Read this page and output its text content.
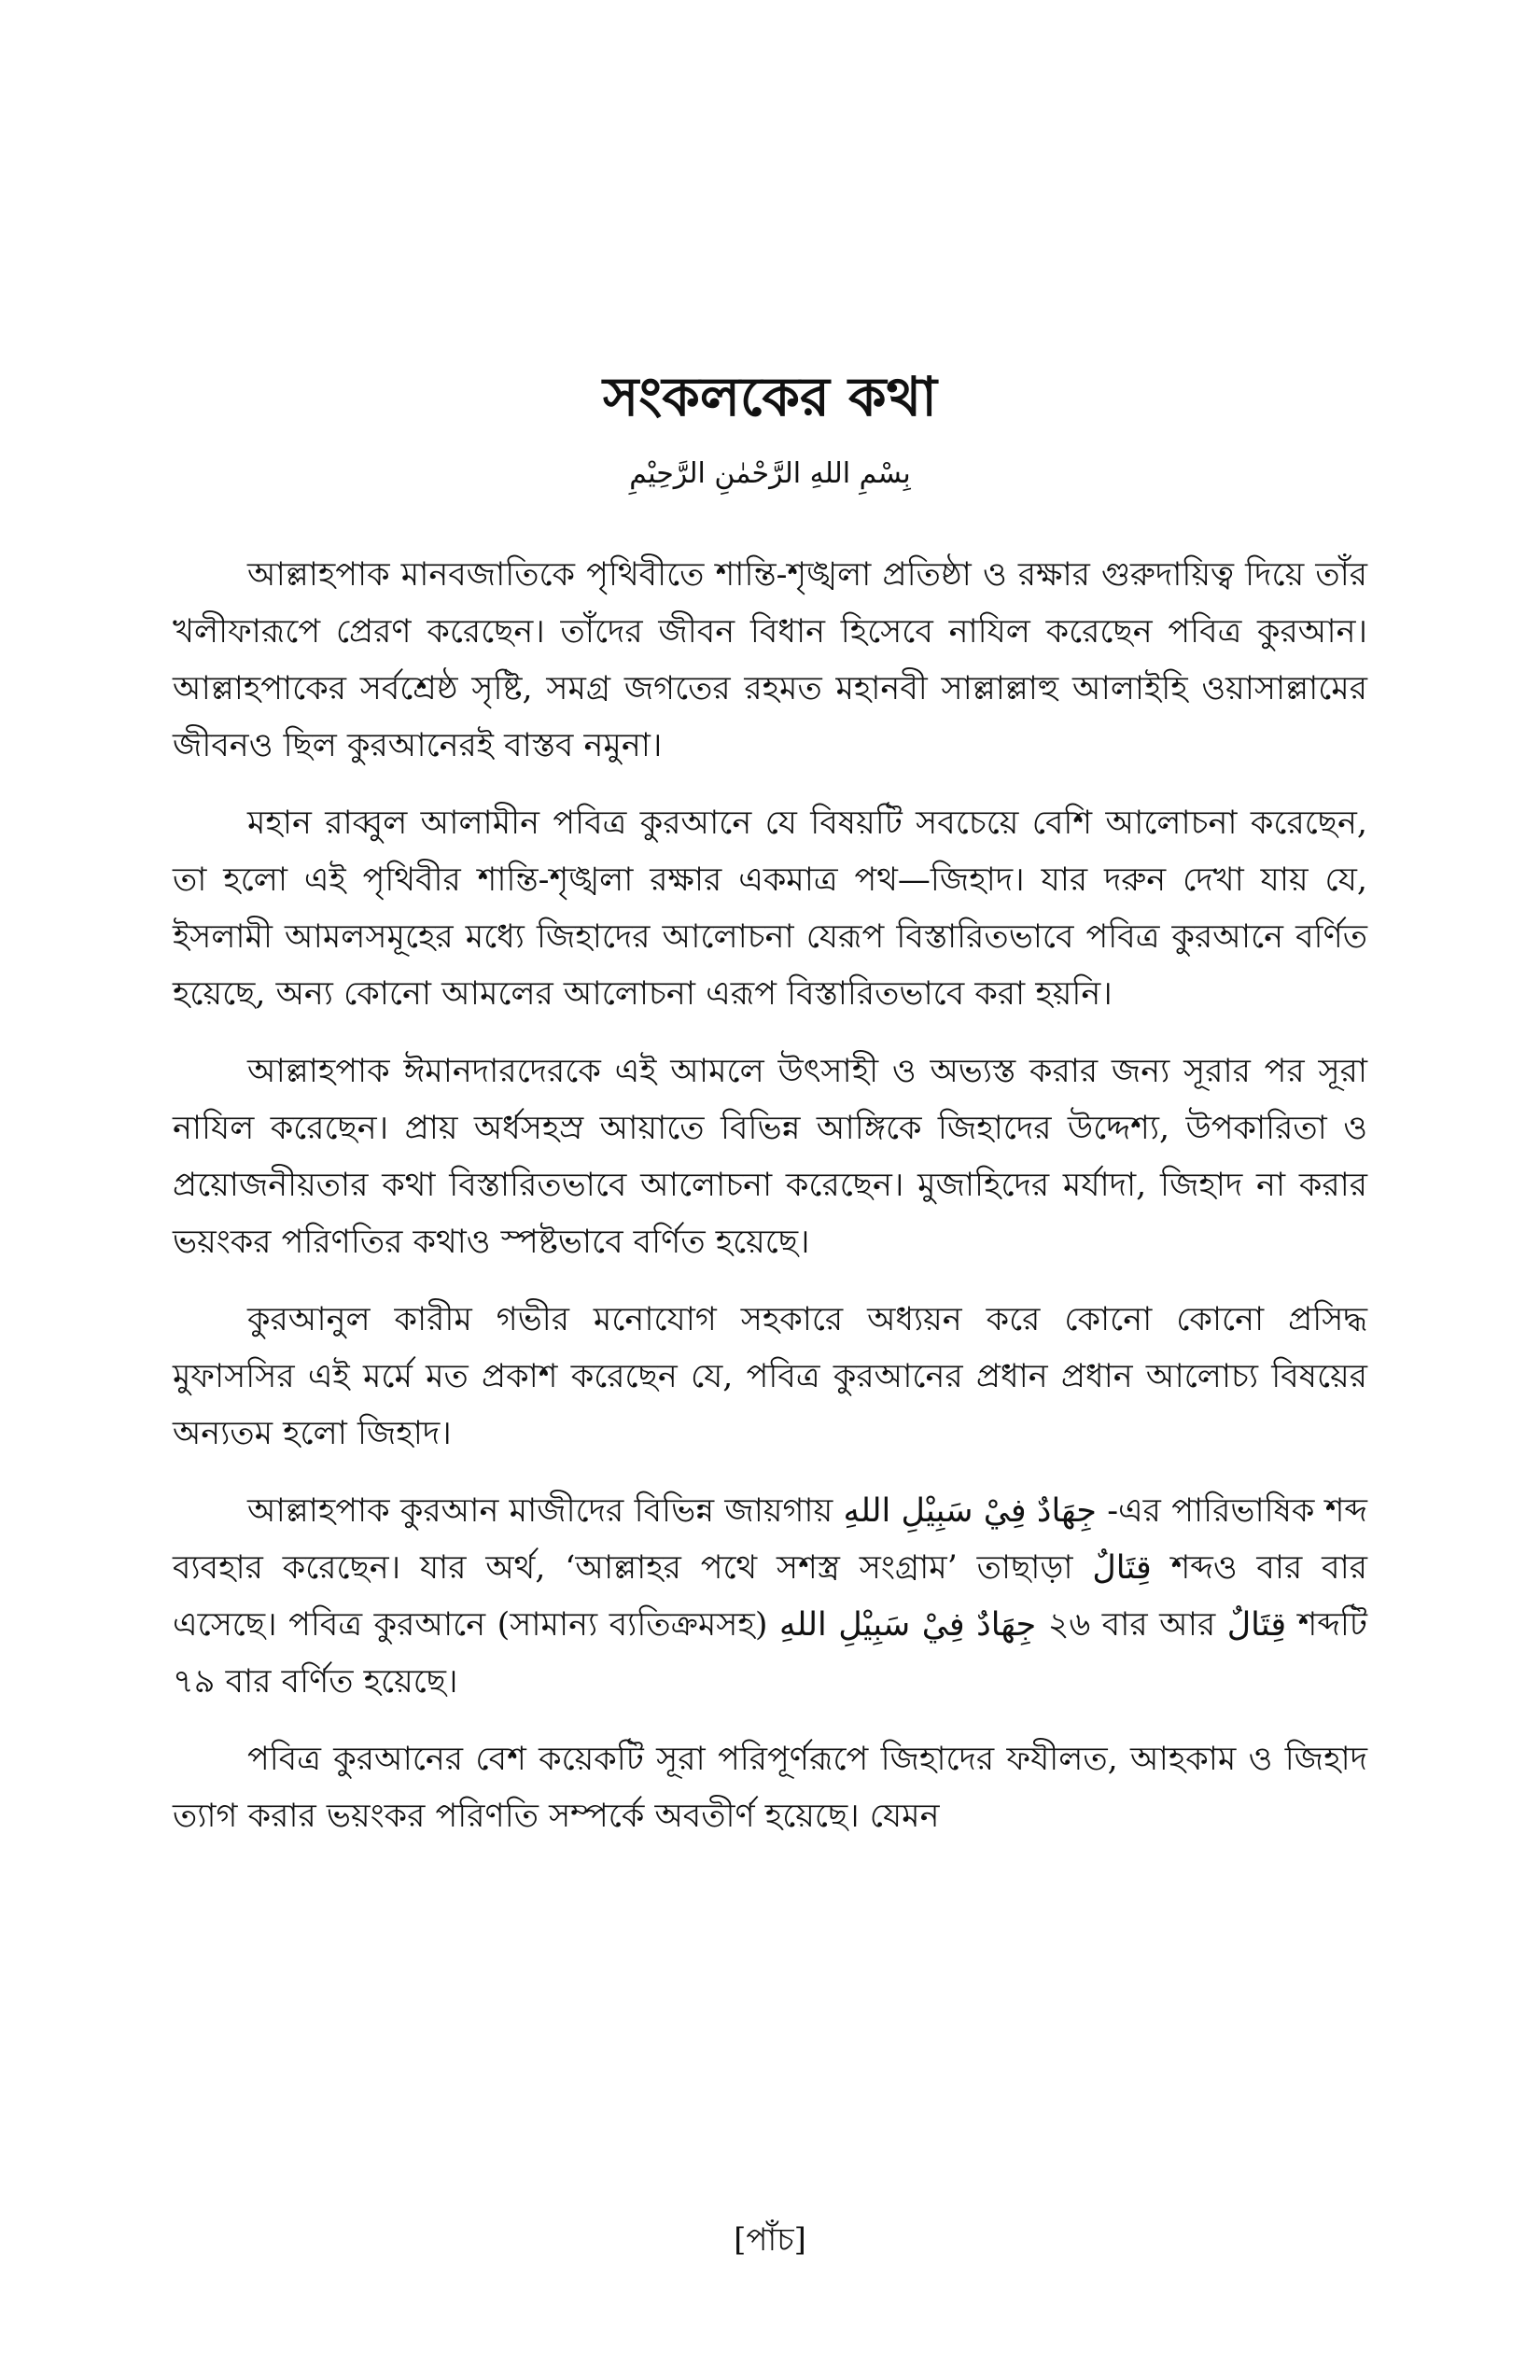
সংকলকের কথা
بِسْمِ اللهِ الرَّحْمٰنِ الرَّحِيْمِ

আল্লাহপাক মানবজাতিকে পৃথিবীতে শান্তি-শৃঙ্খলা প্রতিষ্ঠা ও রক্ষার গুরুদায়িত্ব দিয়ে তাঁর খলীফারূপে প্রেরণ করেছেন। তাঁদের জীবন বিধান হিসেবে নাযিল করেছেন পবিত্র কুরআন। আল্লাহপাকের সর্বশ্রেষ্ঠ সৃষ্টি, সমগ্র জগতের রহমত মহানবী সাল্লাল্লাহু আলাইহি ওয়াসাল্লামের জীবনও ছিল কুরআনেরই বাস্তব নমুনা।

মহান রাব্বুল আলামীন পবিত্র কুরআনে যে বিষয়টি সবচেয়ে বেশি আলোচনা করেছেন, তা হলো এই পৃথিবীর শান্তি-শৃঙ্খলা রক্ষার একমাত্র পথ—জিহাদ। যার দরুন দেখা যায় যে, ইসলামী আমলসমূহের মধ্যে জিহাদের আলোচনা যেরূপ বিস্তারিতভাবে পবিত্র কুরআনে বর্ণিত হয়েছে, অন্য কোনো আমলের আলোচনা এরূপ বিস্তারিতভাবে করা হয়নি।

আল্লাহপাক ঈমানদারদেরকে এই আমলে উৎসাহী ও অভ্যস্ত করার জন্য সূরার পর সূরা নাযিল করেছেন। প্রায় অর্ধসহস্র আয়াতে বিভিন্ন আঙ্গিকে জিহাদের উদ্দেশ্য, উপকারিতা ও প্রয়োজনীয়তার কথা বিস্তারিতভাবে আলোচনা করেছেন। মুজাহিদের মর্যাদা, জিহাদ না করার ভয়ংকর পরিণতির কথাও স্পষ্টভাবে বর্ণিত হয়েছে।

কুরআনুল কারীম গভীর মনোযোগ সহকারে অধ্যয়ন করে কোনো কোনো প্রসিদ্ধ মুফাসসির এই মর্মে মত প্রকাশ করেছেন যে, পবিত্র কুরআনের প্রধান প্রধান আলোচ্য বিষয়ের অন্যতম হলো জিহাদ।

আল্লাহপাক কুরআন মাজীদের বিভিন্ন জায়গায় جِهَادٌ فِيْ سَبِيْلِ اللهِ -এর পারিভাষিক শব্দ ব্যবহার করেছেন। যার অর্থ, ‘আল্লাহর পথে সশস্ত্র সংগ্রাম’ তাছাড়া قِتَالٌ শব্দও বার বার এসেছে। পবিত্র কুরআনে (সামান্য ব্যতিক্রমসহ) جِهَادٌ فِيْ سَبِيْلِ اللهِ ২৬ বার আর قِتَالٌ শব্দটি ৭৯ বার বর্ণিত হয়েছে।

পবিত্র কুরআনের বেশ কয়েকটি সূরা পরিপূর্ণরূপে জিহাদের ফযীলত, আহকাম ও জিহাদ ত্যাগ করার ভয়ংকর পরিণতি সম্পর্কে অবতীর্ণ হয়েছে। যেমন

[পাঁচ]
